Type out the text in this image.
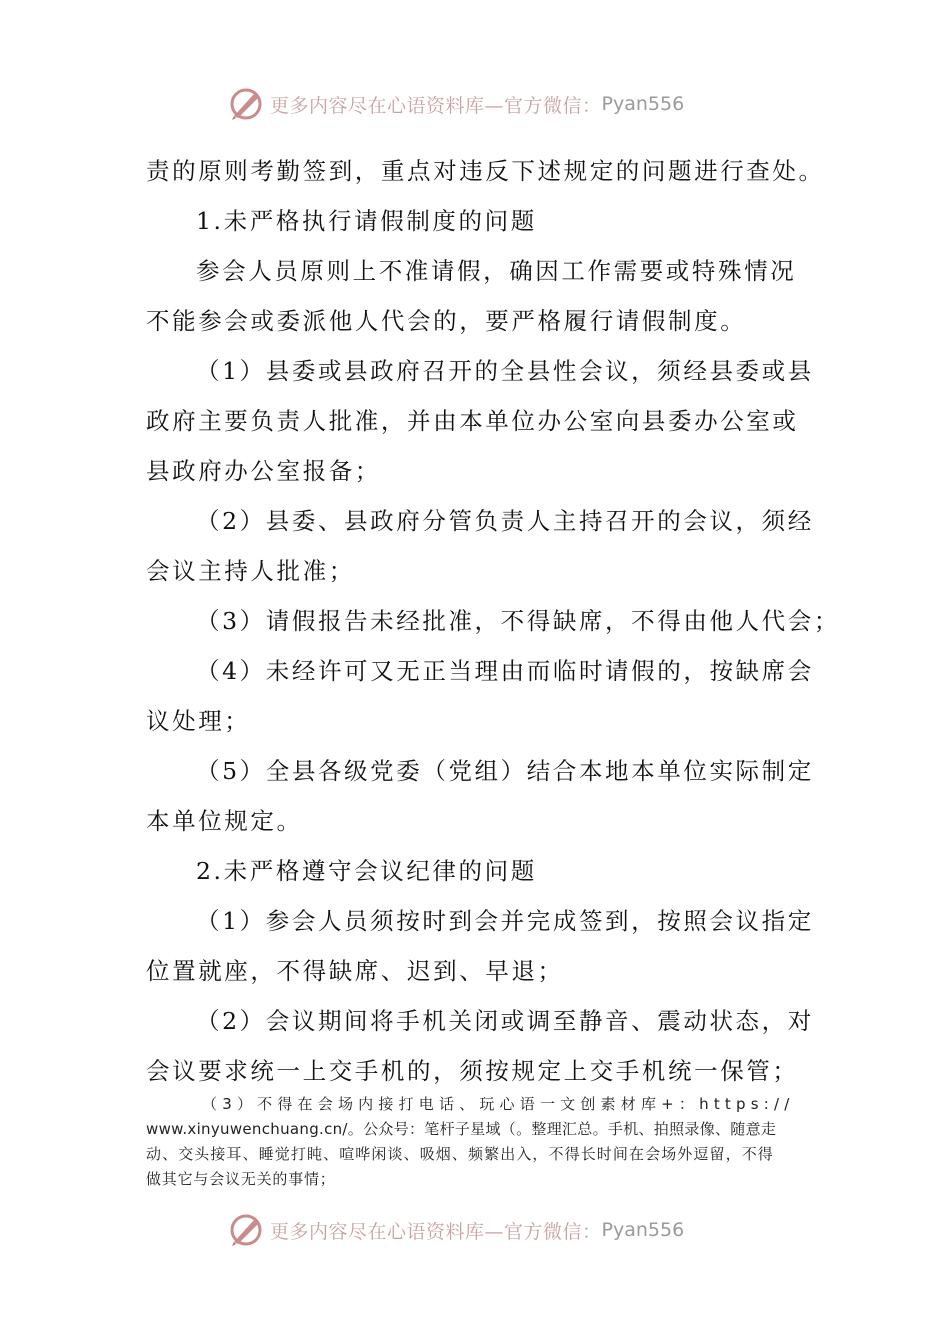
更多内容尽在心语资料库—官方微信： Pyan556

责的原则考勤签到，重点对违反下述规定的问题进行查处。

1.未严格执行请假制度的问题

参会人员原则上不准请假，确因工作需要或特殊情况

不能参会或委派他人代会的，要严格履行请假制度。

（1）县委或县政府召开的全县性会议，须经县委或县

政府主要负责人批准，并由本单位办公室向县委办公室或

县政府办公室报备；

（2）县委、县政府分管负责人主持召开的会议，须经

会议主持人批准；

（3）请假报告未经批准，不得缺席，不得由他人代会；

（4）未经许可又无正当理由而临时请假的，按缺席会

议处理；

（5）全县各级党委（党组）结合本地本单位实际制定

本单位规定。

2.未严格遵守会议纪律的问题

（1）参会人员须按时到会并完成签到，按照会议指定

位置就座，不得缺席、迟到、早退；

（2）会议期间将手机关闭或调至静音、震动状态，对

会议要求统一上交手机的，须按规定上交手机统一保管；

（3）不得在会场内接打电话、玩心语一文创素材库+：https://

www.xinyuwenchuang.cn/。公众号：笔杆子星域（。整理汇总。手机、拍照录像、随意走

动、交头接耳、睡觉打盹、喧哗闲谈、吸烟、频繁出入，不得长时间在会场外逗留，不得

做其它与会议无关的事情；

更多内容尽在心语资料库—官方微信： Pyan556
